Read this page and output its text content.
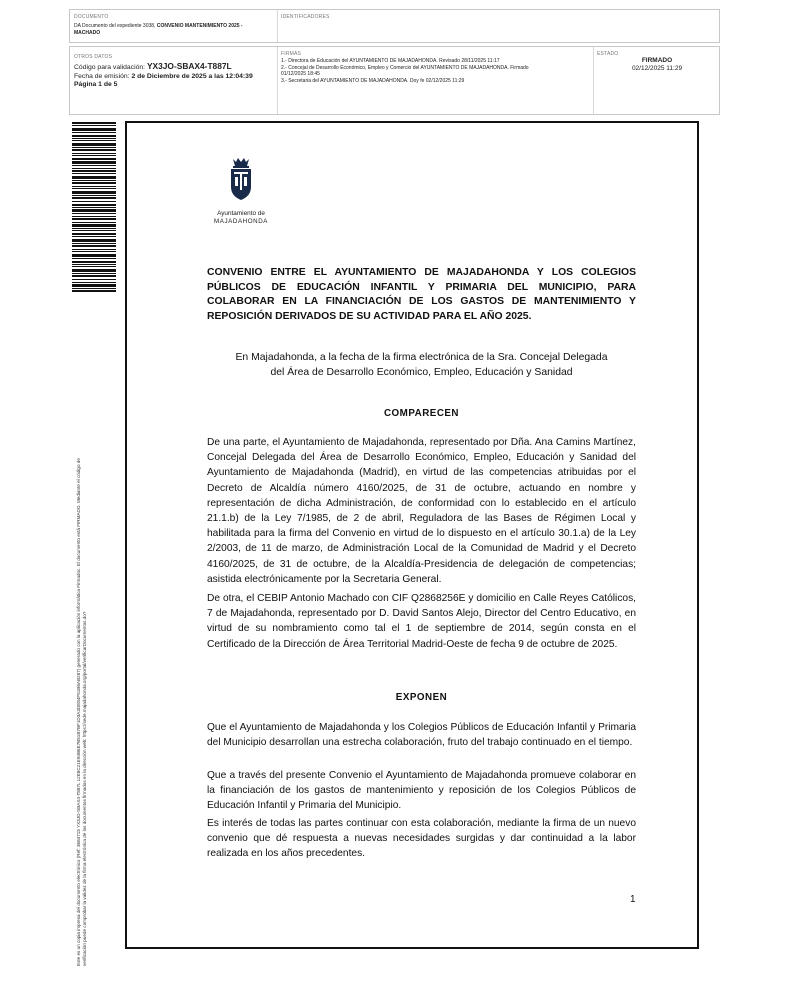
DOCUMENTO
DA Documento del expediente 3038, CONVENIO MANTENIMIENTO 2025 -
MACHADO
IDENTIFICADORES
OTROS DATOS
Código para validación: YX3JO-SBAX4-T887L
Fecha de emisión: 2 de Diciembre de 2025 a las 12:04:39
Página 1 de 5
FIRMAS
1.- Directora de Educación del AYUNTAMIENTO DE MAJADAHONDA. Revisado 28/11/2025 11:17
2.- Concejal de Desarrollo Económico, Empleo y Comercio del AYUNTAMIENTO DE MAJADAHONDA. Firmado
01/12/2025 18:45
3.- Secretaria del AYUNTAMIENTO DE MAJADAHONDA. Doy fe 02/12/2025 11:29
ESTADO
FIRMADO
02/12/2025 11:29
Este es un copia impresa del documento electrónico (Ref: 3684715 YX3JO-SBAX4-T887L 12E8C21E94B6E7B51B7BF1D3A3DE84F51B6AB287) generado con la aplicación informática Firmadoc. El documento está FIRMADO. Mediante el código de verificación puede comprobar la validez de la firma electrónica de los documentos firmados en la dirección web: https://sede.majadahonda.org/portal/verificarDocumentos.do?
Ayuntamiento de
MAJADAHONDA
CONVENIO ENTRE EL AYUNTAMIENTO DE MAJADAHONDA Y LOS COLEGIOS PÚBLICOS DE EDUCACIÓN INFANTIL Y PRIMARIA DEL MUNICIPIO, PARA COLABORAR EN LA FINANCIACIÓN DE LOS GASTOS DE MANTENIMIENTO Y REPOSICIÓN DERIVADOS DE SU ACTIVIDAD PARA EL AÑO 2025.
En Majadahonda, a la fecha de la firma electrónica de la Sra. Concejal Delegada
del Área de Desarrollo Económico, Empleo, Educación y Sanidad
COMPARECEN
De una parte, el Ayuntamiento de Majadahonda, representado por Dña. Ana Camins Martínez, Concejal Delegada del Área de Desarrollo Económico, Empleo, Educación y Sanidad del Ayuntamiento de Majadahonda (Madrid), en virtud de las competencias atribuidas por el Decreto de Alcaldía número 4160/2025, de 31 de octubre, actuando en nombre y representación de dicha Administración, de conformidad con lo establecido en el artículo 21.1.b) de la Ley 7/1985, de 2 de abril, Reguladora de las Bases de Régimen Local y habilitada para la firma del Convenio en virtud de lo dispuesto en el artículo 30.1.a) de la Ley 2/2003, de 11 de marzo, de Administración Local de la Comunidad de Madrid y el Decreto 4160/2025, de 31 de octubre, de la Alcaldía-Presidencia de delegación de competencias; asistida electrónicamente por la Secretaria General.
De otra, el CEBIP Antonio Machado con CIF Q2868256E y domicilio en Calle Reyes Católicos, 7 de Majadahonda, representado por D. David Santos Alejo, Director del Centro Educativo, en virtud de su nombramiento como tal el 1 de septiembre de 2014, según consta en el Certificado de la Dirección de Área Territorial Madrid-Oeste de fecha 9 de octubre de 2025.
EXPONEN
Que el Ayuntamiento de Majadahonda y los Colegios Públicos de Educación Infantil y Primaria del Municipio desarrollan una estrecha colaboración, fruto del trabajo continuado en el tiempo.
Que a través del presente Convenio el Ayuntamiento de Majadahonda promueve colaborar en la financiación de los gastos de mantenimiento y reposición de los Colegios Públicos de Educación Infantil y Primaria del Municipio.
Es interés de todas las partes continuar con esta colaboración, mediante la firma de un nuevo convenio que dé respuesta a nuevas necesidades surgidas y dar continuidad a la labor realizada en los años precedentes.
1
